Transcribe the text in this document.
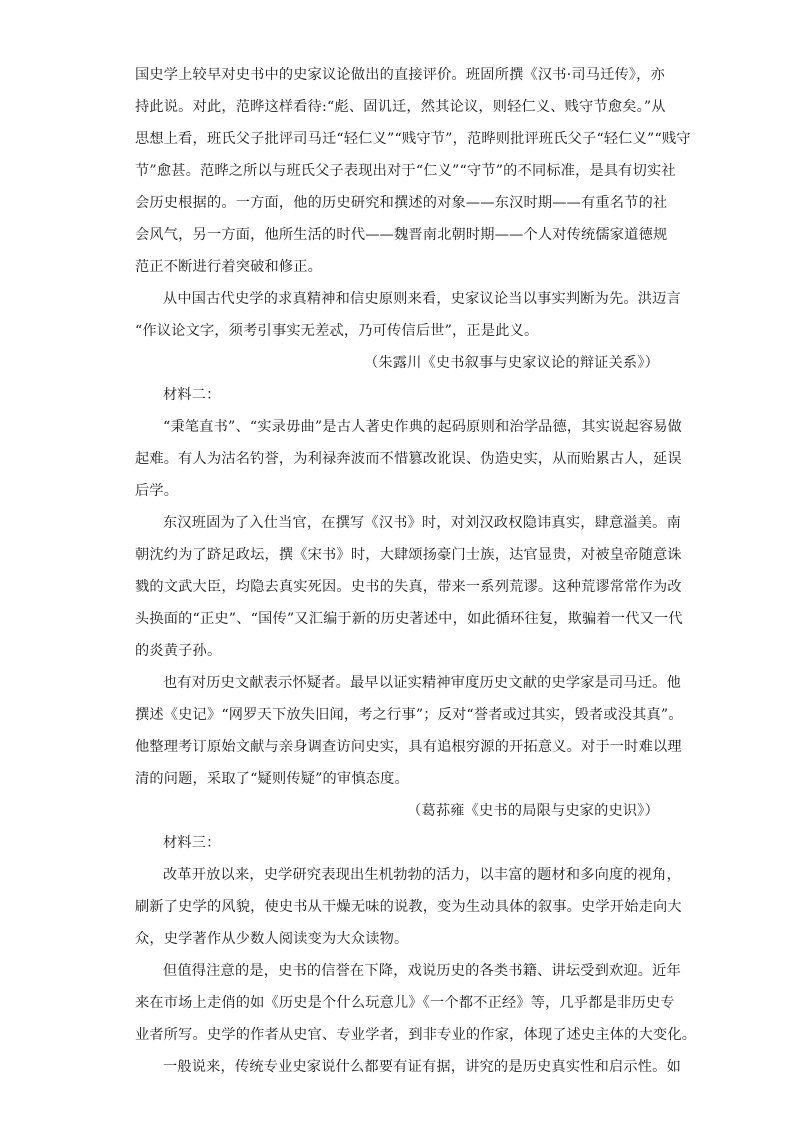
国史学上较早对史书中的史家议论做出的直接评价。班固所撰《汉书·司马迁传》，亦
持此说。对此，范晔这样看待:“彪、固讥迁，然其论议，则轻仁义、贱守节愈矣。”从
思想上看，班氏父子批评司马迁“轻仁义”“贱守节”，范晔则批评班氏父子“轻仁义”“贱守
节”愈甚。范晔之所以与班氏父子表现出对于“仁义”“守节”的不同标准，是具有切实社
会历史根据的。一方面，他的历史研究和撰述的对象——东汉时期——有重名节的社
会风气，另一方面，他所生活的时代——魏晋南北朝时期——个人对传统儒家道德规
范正不断进行着突破和修正。
从中国古代史学的求真精神和信史原则来看，史家议论当以事实判断为先。洪迈言
“作议论文字，须考引事实无差忒，乃可传信后世”，正是此义。
（朱露川《史书叙事与史家议论的辩证关系》）
材料二：
“秉笔直书”、“实录毋曲”是古人著史作典的起码原则和治学品德，其实说起容易做
起难。有人为沽名钓誉，为利禄奔波而不惜篡改讹误、伪造史实，从而贻累古人，延误
后学。
东汉班固为了入仕当官，在撰写《汉书》时，对刘汉政权隐讳真实，肆意溢美。南
朝沈约为了跻足政坛，撰《宋书》时，大肆颂扬豪门士族，达官显贵，对被皇帝随意诛
戮的文武大臣，均隐去真实死因。史书的失真，带来一系列荒谬。这种荒谬常常作为改
头换面的“正史”、“国传”又汇编于新的历史著述中，如此循环往复，欺骗着一代又一代
的炎黄子孙。
也有对历史文献表示怀疑者。最早以证实精神审度历史文献的史学家是司马迁。他
撰述《史记》“网罗天下放失旧闻，考之行事”；反对“誉者或过其实，毁者或没其真”。
他整理考订原始文献与亲身调查访问史实，具有追根穷源的开拓意义。对于一时难以理
清的问题，采取了“疑则传疑”的审慎态度。
（葛荪雍《史书的局限与史家的史识》）
材料三：
改革开放以来，史学研究表现出生机勃勃的活力，以丰富的题材和多向度的视角，
刷新了史学的风貌，使史书从干燥无味的说教，变为生动具体的叙事。史学开始走向大
众，史学著作从少数人阅读变为大众读物。
但值得注意的是，史书的信誉在下降，戏说历史的各类书籍、讲坛受到欢迎。近年
来在市场上走俏的如《历史是个什么玩意儿》《一个都不正经》等，几乎都是非历史专
业者所写。史学的作者从史官、专业学者，到非专业的作家，体现了述史主体的大变化。
一般说来，传统专业史家说什么都要有证有据，讲究的是历史真实性和启示性。如
